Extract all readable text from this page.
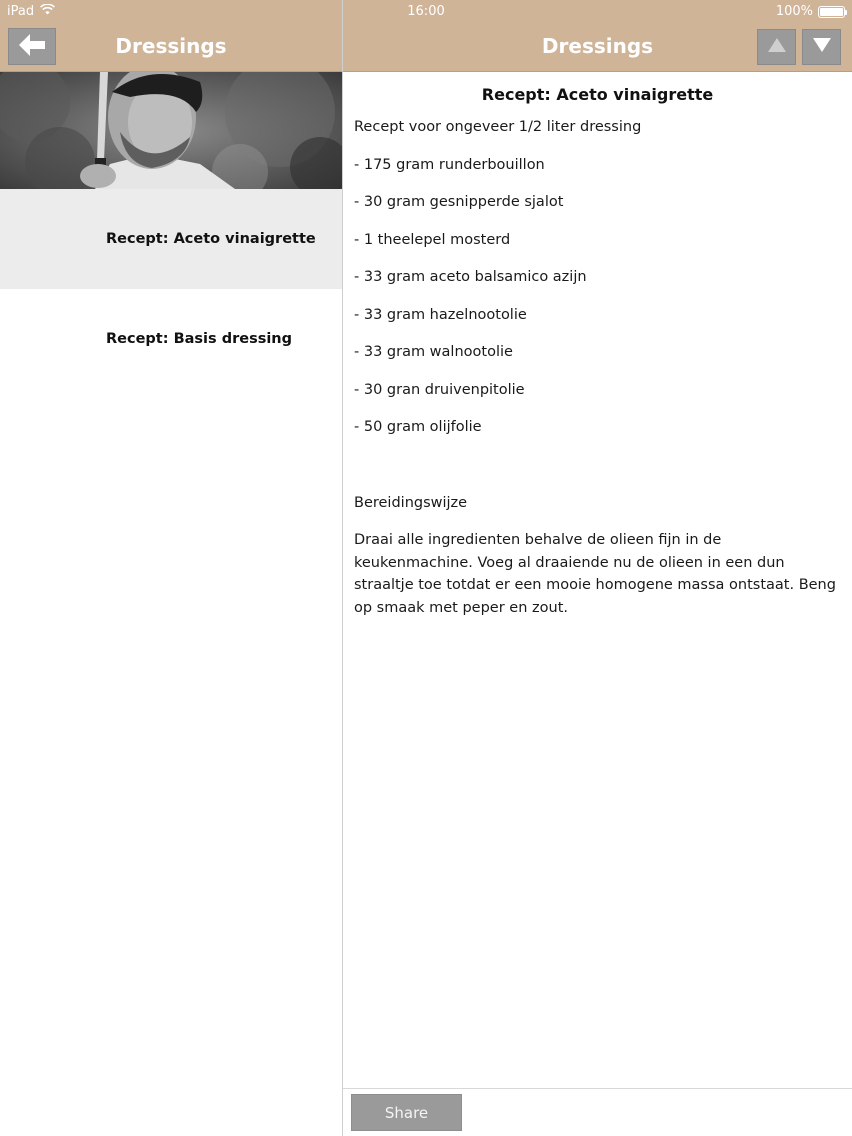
iPad	16:00	100%
Dressings	Dressings
Recept: Aceto vinaigrette
Recept: Basis dressing
Recept: Aceto vinaigrette

Recept voor ongeveer 1/2 liter dressing

- 175 gram runderbouillon

- 30 gram gesnipperde sjalot

- 1 theelepel mosterd

- 33 gram aceto balsamico azijn

- 33 gram hazelnootolie

- 33 gram walnootolie

- 30 gran druivenpitolie

- 50 gram olijfolie

Bereidingswijze

Draai alle ingredienten behalve de olieen fijn in de keukenmachine. Voeg al draaiende nu de olieen in een dun straaltje toe totdat er een mooie homogene massa ontstaat. Beng op smaak met peper en zout.

Share
